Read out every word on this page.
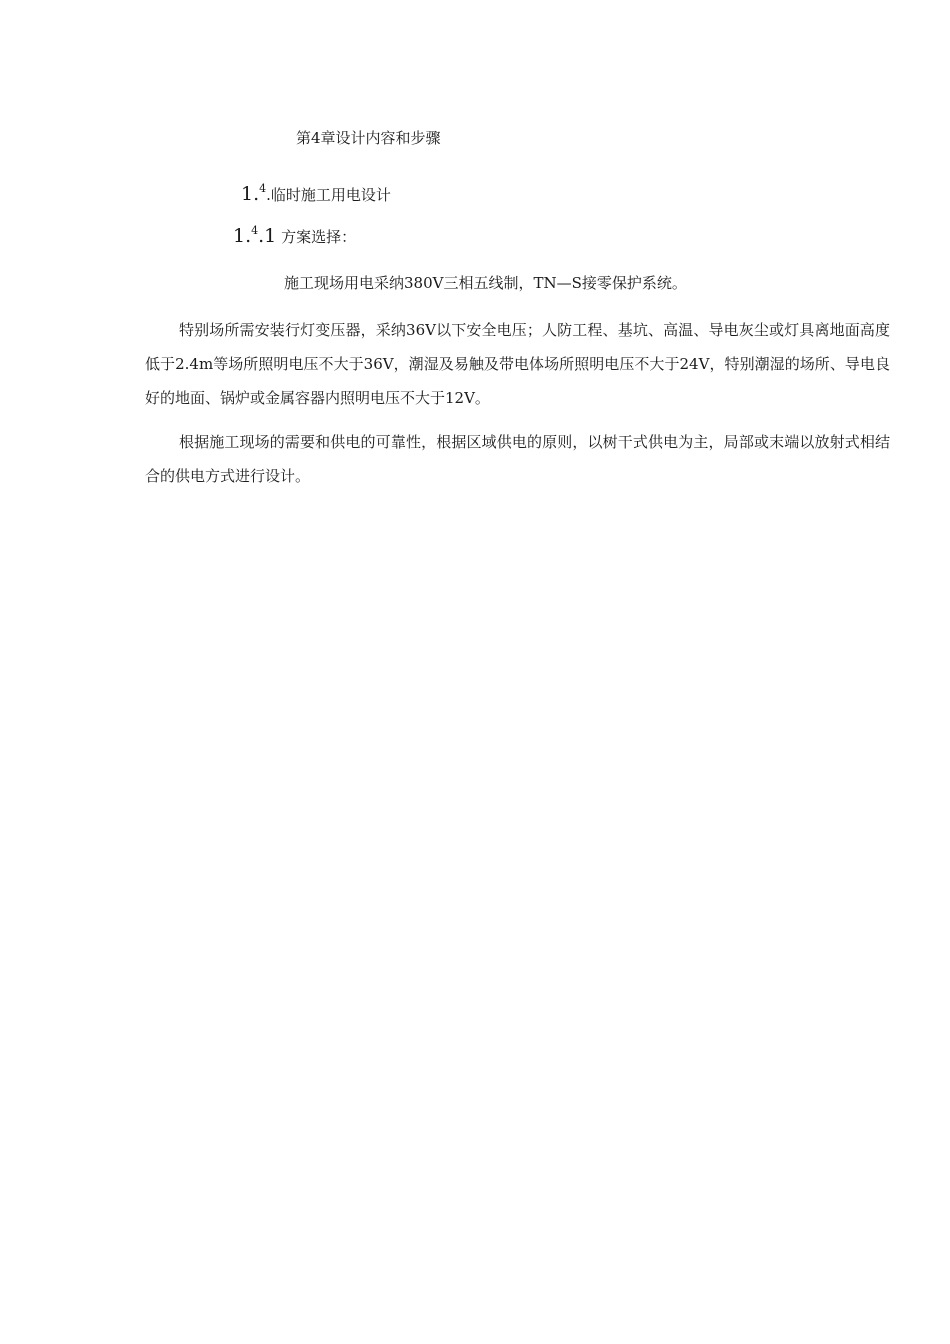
第4章设计内容和步骤
1.$^4$.临时施工用电设计
1.$^4$.1 方案选择：
施工现场用电采纳380V三相五线制，TN—S接零保护系统。

特别场所需安装行灯变压器，采纳36V以下安全电压；人防工程、基坑、高温、导电灰尘或灯具离地面高度低于2.4m等场所照明电压不大于36V，潮湿及易触及带电体场所照明电压不大于24V，特别潮湿的场所、导电良好的地面、锅炉或金属容器内照明电压不大于12V。

根据施工现场的需要和供电的可靠性，根据区域供电的原则，以树干式供电为主，局部或末端以放射式相结合的供电方式进行设计。
